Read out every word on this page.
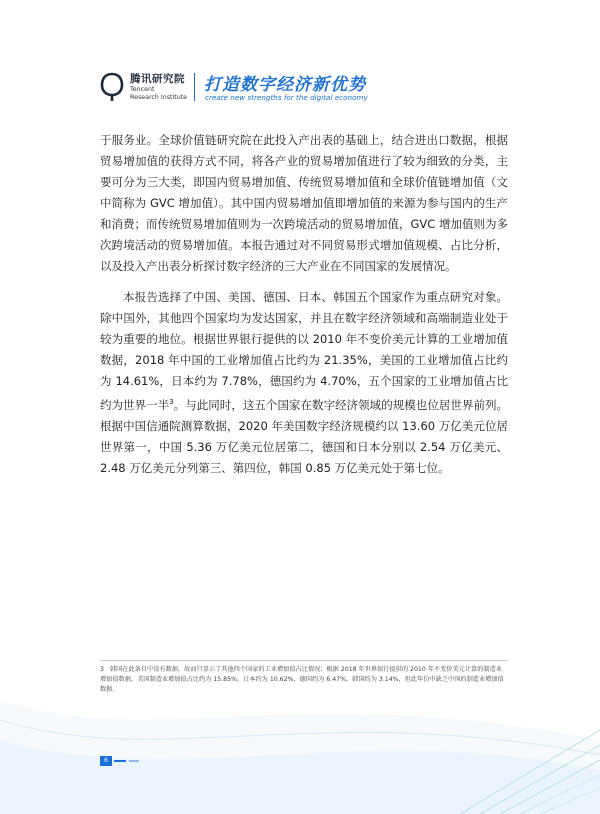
腾讯研究院
Tencent
Research Institute
打造数字经济新优势
create new strengths for the digital economy

于服务业。全球价值链研究院在此投入产出表的基础上，结合进出口数据，根据贸易增加值的获得方式不同，将各产业的贸易增加值进行了较为细致的分类，主要可分为三大类，即国内贸易增加值、传统贸易增加值和全球价值链增加值（文中简称为 GVC 增加值）。其中国内贸易增加值即增加值的来源为参与国内的生产和消费；而传统贸易增加值则为一次跨境活动的贸易增加值，GVC 增加值则为多次跨境活动的贸易增加值。本报告通过对不同贸易形式增加值规模、占比分析，以及投入产出表分析探讨数字经济的三大产业在不同国家的发展情况。

本报告选择了中国、美国、德国、日本、韩国五个国家作为重点研究对象。除中国外，其他四个国家均为发达国家，并且在数字经济领域和高端制造业处于较为重要的地位。根据世界银行提供的以 2010 年不变价美元计算的工业增加值数据，2018 年中国的工业增加值占比约为 21.35%，美国的工业增加值占比约为 14.61%，日本约为 7.78%，德国约为 4.70%，五个国家的工业增加值占比约为世界一半$^3$。与此同时，这五个国家在数字经济领域的规模也位居世界前列。根据中国信通院测算数据，2020 年美国数字经济规模约以 13.60 万亿美元位居世界第一，中国 5.36 万亿美元位居第二，德国和日本分别以 2.54 万亿美元、2.48 万亿美元分列第三、第四位，韩国 0.85 万亿美元处于第七位。

3 韩国在此条目中没有数据，故而只显示了其他四个国家的工业增加值占比情况；根据 2018 年世界银行提供的 2010 年不变价美元计算的制造业增加值数据，美国制造业增加值占比约为 15.85%，日本约为 10.62%，德国约为 6.47%，韩国约为 3.14%，但此年份中缺乏中国的制造业增加值数据。
6
